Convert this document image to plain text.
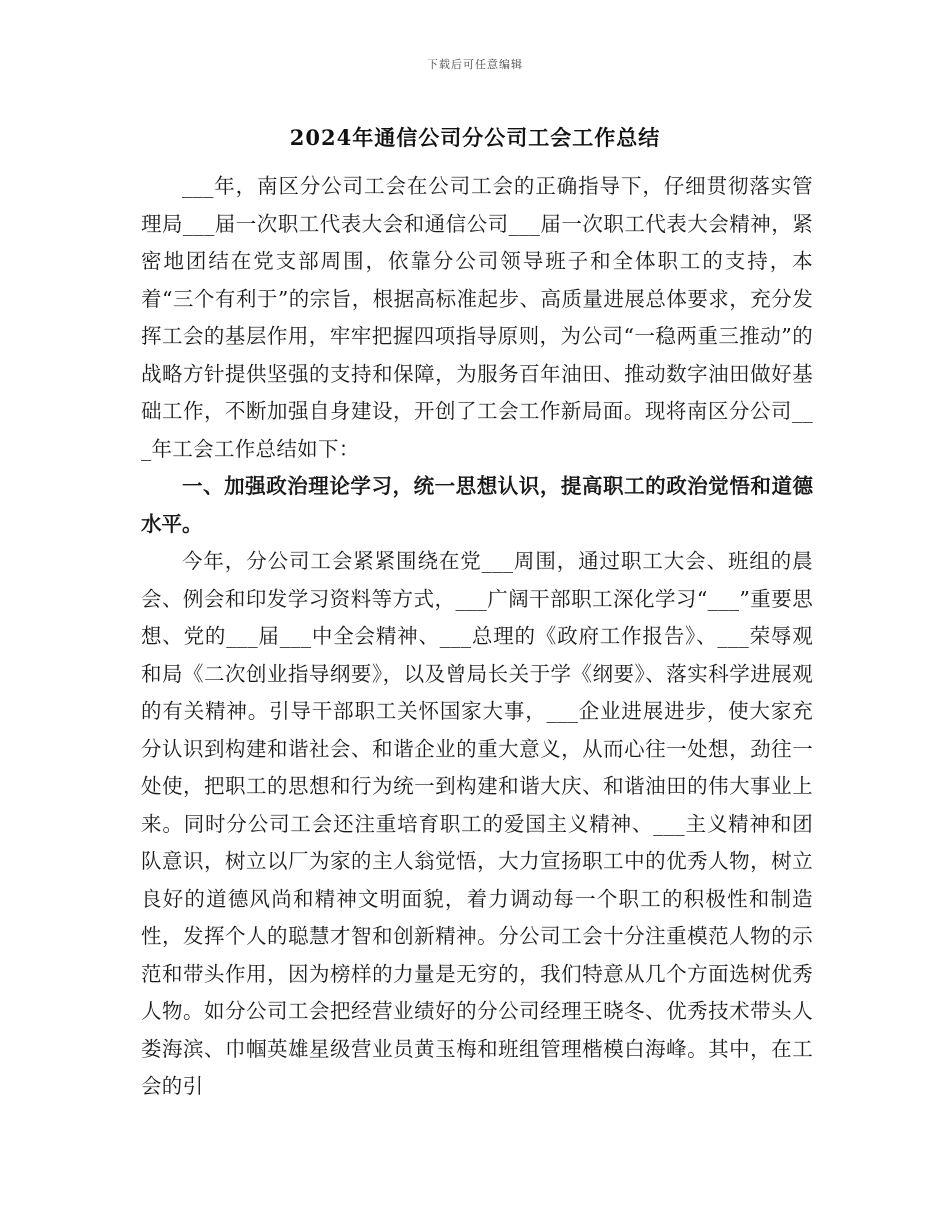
下载后可任意编辑
2024年通信公司分公司工会工作总结

___年，南区分公司工会在公司工会的正确指导下，仔细贯彻落实管理局___届一次职工代表大会和通信公司___届一次职工代表大会精神，紧密地团结在党支部周围，依靠分公司领导班子和全体职工的支持，本着“三个有利于”的宗旨，根据高标准起步、高质量进展总体要求，充分发挥工会的基层作用，牢牢把握四项指导原则，为公司“一稳两重三推动”的战略方针提供坚强的支持和保障，为服务百年油田、推动数字油田做好基础工作，不断加强自身建设，开创了工会工作新局面。现将南区分公司___年工会工作总结如下：

一、加强政治理论学习，统一思想认识，提高职工的政治觉悟和道德水平。

今年，分公司工会紧紧围绕在党___周围，通过职工大会、班组的晨会、例会和印发学习资料等方式，___广阔干部职工深化学习“___”重要思想、党的___届___中全会精神、___总理的《政府工作报告》、___荣辱观和局《二次创业指导纲要》，以及曾局长关于学《纲要》、落实科学进展观的有关精神。引导干部职工关怀国家大事，___企业进展进步，使大家充分认识到构建和谐社会、和谐企业的重大意义，从而心往一处想，劲往一处使，把职工的思想和行为统一到构建和谐大庆、和谐油田的伟大事业上来。同时分公司工会还注重培育职工的爱国主义精神、___主义精神和团队意识，树立以厂为家的主人翁觉悟，大力宣扬职工中的优秀人物，树立良好的道德风尚和精神文明面貌，着力调动每一个职工的积极性和制造性，发挥个人的聪慧才智和创新精神。分公司工会十分注重模范人物的示范和带头作用，因为榜样的力量是无穷的，我们特意从几个方面选树优秀人物。如分公司工会把经营业绩好的分公司经理王晓冬、优秀技术带头人娄海滨、巾帼英雄星级营业员黄玉梅和班组管理楷模白海峰。其中，在工会的引
